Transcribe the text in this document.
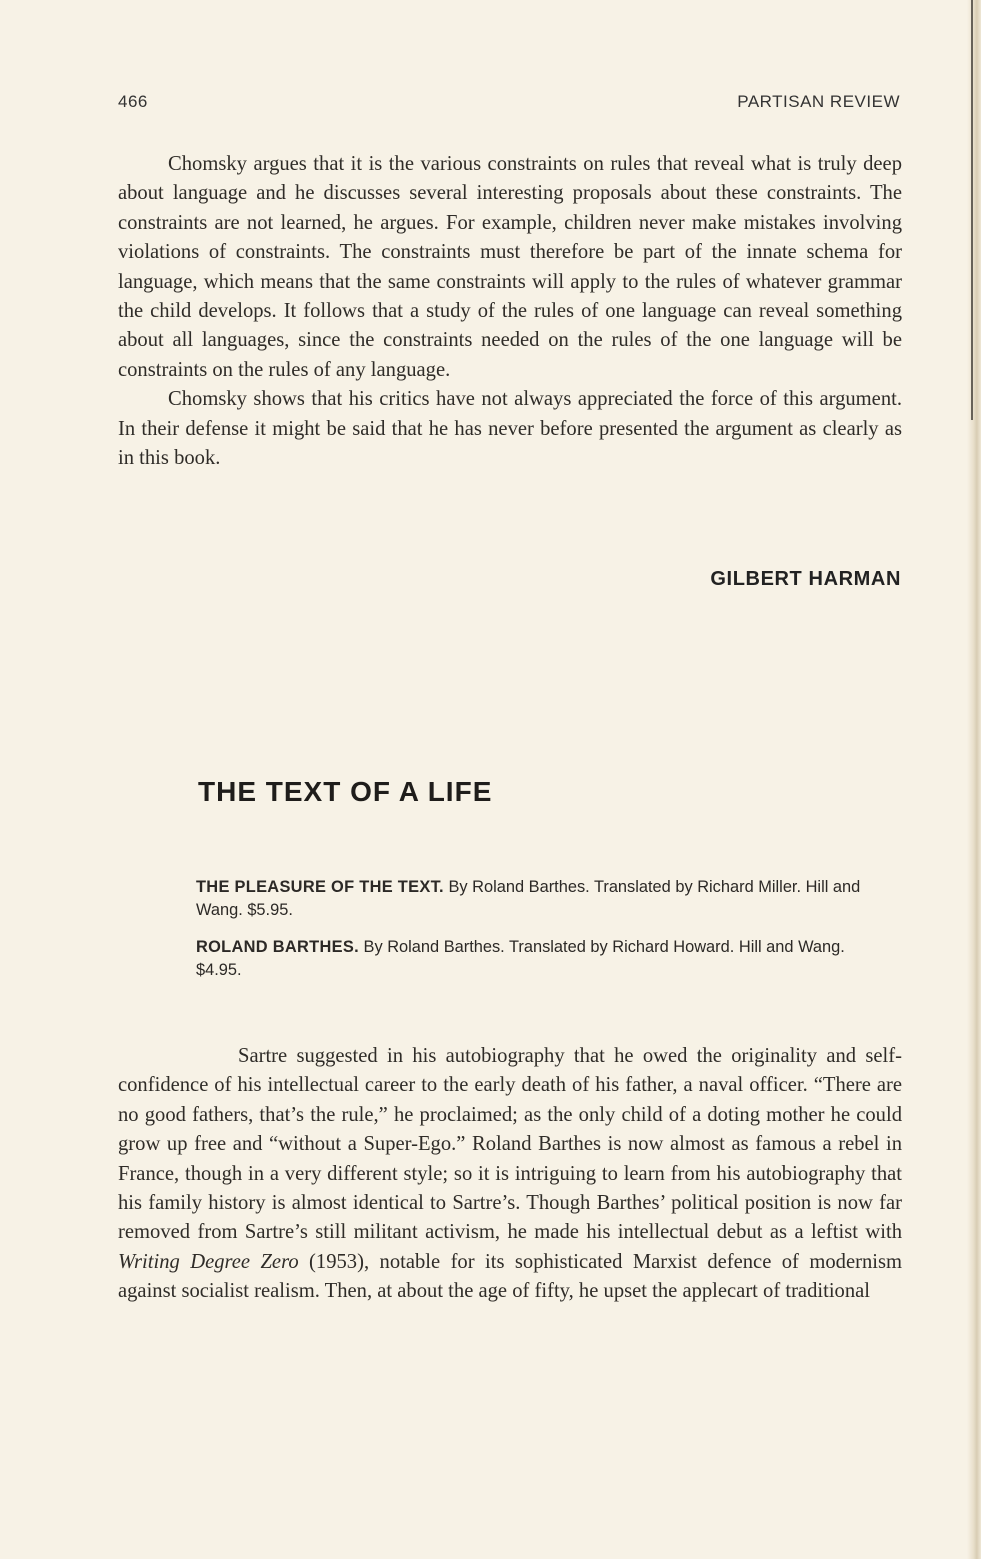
466	PARTISAN REVIEW

Chomsky argues that it is the various constraints on rules that reveal what is truly deep about language and he discusses several interesting proposals about these constraints. The constraints are not learned, he argues. For example, children never make mistakes involving violations of constraints. The constraints must therefore be part of the innate schema for language, which means that the same constraints will apply to the rules of whatever grammar the child develops. It follows that a study of the rules of one language can reveal something about all languages, since the constraints needed on the rules of the one language will be constraints on the rules of any language.

Chomsky shows that his critics have not always appreciated the force of this argument. In their defense it might be said that he has never before presented the argument as clearly as in this book.

GILBERT HARMAN
THE TEXT OF A LIFE
THE PLEASURE OF THE TEXT. By Roland Barthes. Translated by Richard Miller. Hill and Wang. $5.95.
ROLAND BARTHES. By Roland Barthes. Translated by Richard Howard. Hill and Wang. $4.95.

Sartre suggested in his autobiography that he owed the originality and self-confidence of his intellectual career to the early death of his father, a naval officer. “There are no good fathers, that’s the rule,” he proclaimed; as the only child of a doting mother he could grow up free and “without a Super-Ego.” Roland Barthes is now almost as famous a rebel in France, though in a very different style; so it is intriguing to learn from his autobiography that his family history is almost identical to Sartre’s. Though Barthes’ political position is now far removed from Sartre’s still militant activism, he made his intellectual debut as a leftist with Writing Degree Zero (1953), notable for its sophisticated Marxist defence of modernism against socialist realism. Then, at about the age of fifty, he upset the applecart of traditional
